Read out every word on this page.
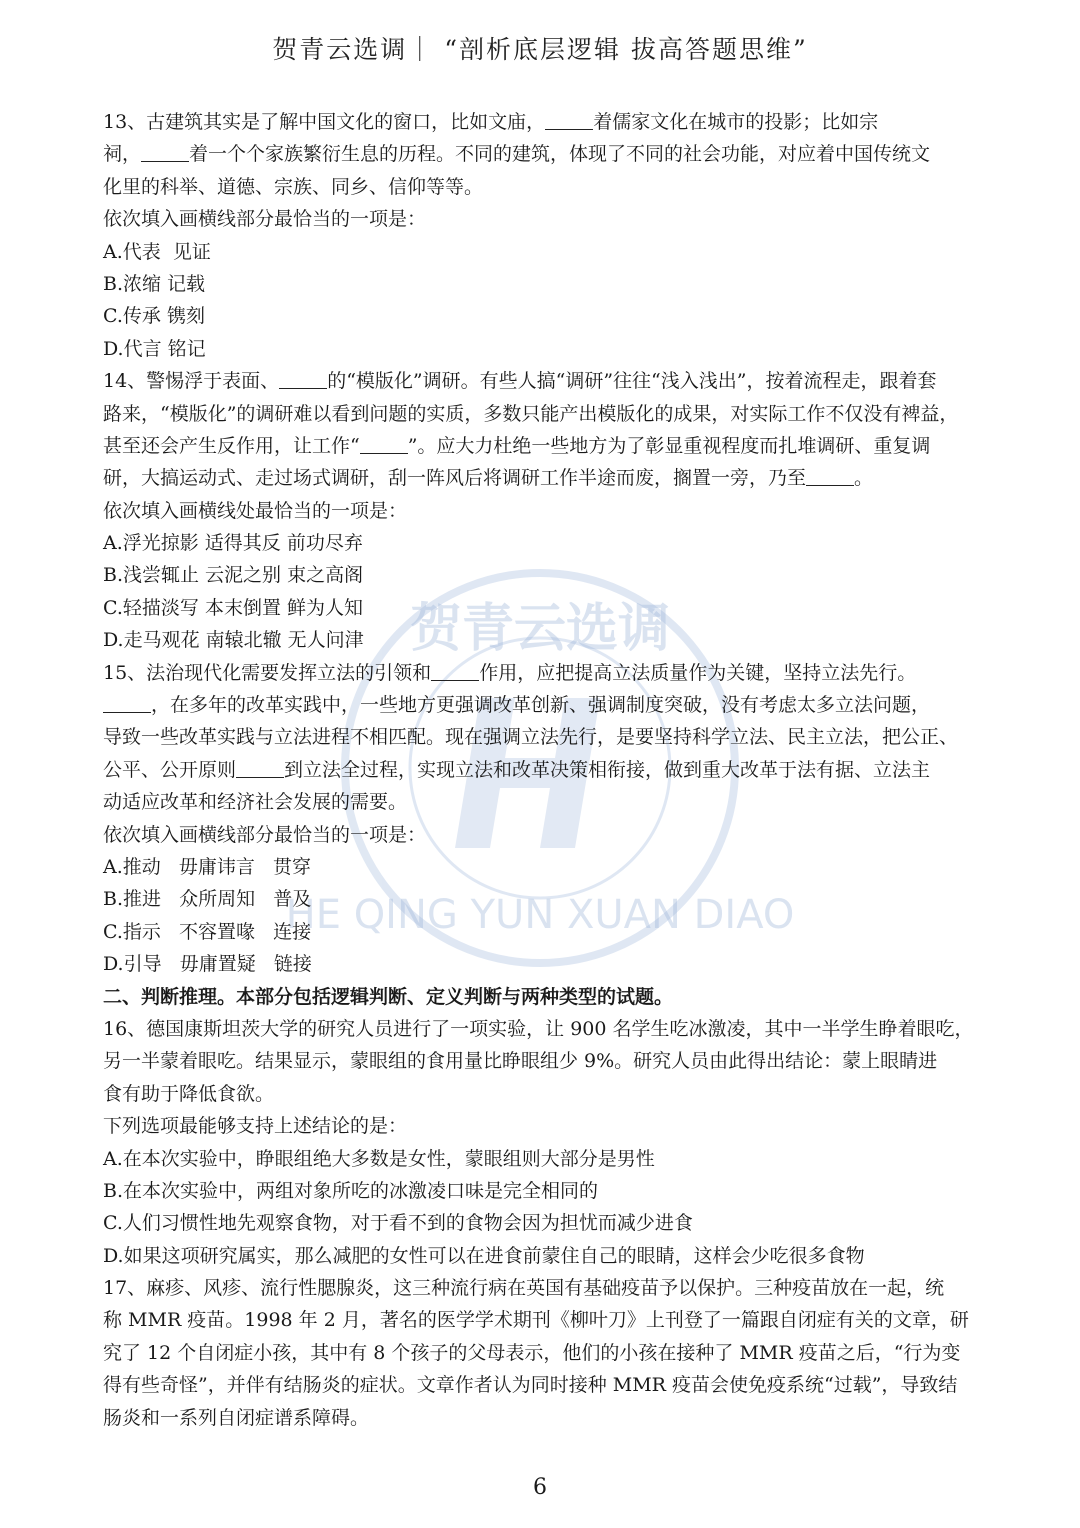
贺青云选调｜ “剖析底层逻辑 拔高答题思维”
贺青云选调
HE QING YUN XUAN DIAO
13、古建筑其实是了解中国文化的窗口，比如文庙，	着儒家文化在城市的投影；比如宗
祠，	着一个个家族繁衍生息的历程。不同的建筑，体现了不同的社会功能，对应着中国传统文
化里的科举、道德、宗族、同乡、信仰等等。
依次填入画横线部分最恰当的一项是：
A.代表  见证
B.浓缩 记载
C.传承 镌刻
D.代言 铭记
14、警惕浮于表面、	的“模版化”调研。有些人搞“调研”往往“浅入浅出”，按着流程走，跟着套
路来，“模版化”的调研难以看到问题的实质，多数只能产出模版化的成果，对实际工作不仅没有裨益，
甚至还会产生反作用，让工作“	”。应大力杜绝一些地方为了彰显重视程度而扎堆调研、重复调
研，大搞运动式、走过场式调研，刮一阵风后将调研工作半途而废，搁置一旁，乃至	。
依次填入画横线处最恰当的一项是：
A.浮光掠影 适得其反 前功尽弃
B.浅尝辄止 云泥之别 束之高阁
C.轻描淡写 本末倒置 鲜为人知
D.走马观花 南辕北辙 无人问津
15、法治现代化需要发挥立法的引领和	作用，应把提高立法质量作为关键，坚持立法先行。
，在多年的改革实践中，一些地方更强调改革创新、强调制度突破，没有考虑太多立法问题，
导致一些改革实践与立法进程不相匹配。现在强调立法先行，是要坚持科学立法、民主立法，把公正、
公平、公开原则	到立法全过程，实现立法和改革决策相衔接，做到重大改革于法有据、立法主
动适应改革和经济社会发展的需要。
依次填入画横线部分最恰当的一项是：
A.推动   毋庸讳言   贯穿
B.推进   众所周知   普及
C.指示   不容置喙   连接
D.引导   毋庸置疑   链接
二、判断推理。本部分包括逻辑判断、定义判断与两种类型的试题。
16、德国康斯坦茨大学的研究人员进行了一项实验，让 900 名学生吃冰激凌，其中一半学生睁着眼吃，
另一半蒙着眼吃。结果显示，蒙眼组的食用量比睁眼组少 9%。研究人员由此得出结论：蒙上眼睛进
食有助于降低食欲。
下列选项最能够支持上述结论的是：
A.在本次实验中，睁眼组绝大多数是女性，蒙眼组则大部分是男性
B.在本次实验中，两组对象所吃的冰激凌口味是完全相同的
C.人们习惯性地先观察食物，对于看不到的食物会因为担忧而减少进食
D.如果这项研究属实，那么减肥的女性可以在进食前蒙住自己的眼睛，这样会少吃很多食物
17、麻疹、风疹、流行性腮腺炎，这三种流行病在英国有基础疫苗予以保护。三种疫苗放在一起，统
称 MMR 疫苗。1998 年 2 月，著名的医学学术期刊《柳叶刀》上刊登了一篇跟自闭症有关的文章，研
究了 12 个自闭症小孩，其中有 8 个孩子的父母表示，他们的小孩在接种了 MMR 疫苗之后，“行为变
得有些奇怪”，并伴有结肠炎的症状。文章作者认为同时接种 MMR 疫苗会使免疫系统“过载”，导致结
肠炎和一系列自闭症谱系障碍。
6
